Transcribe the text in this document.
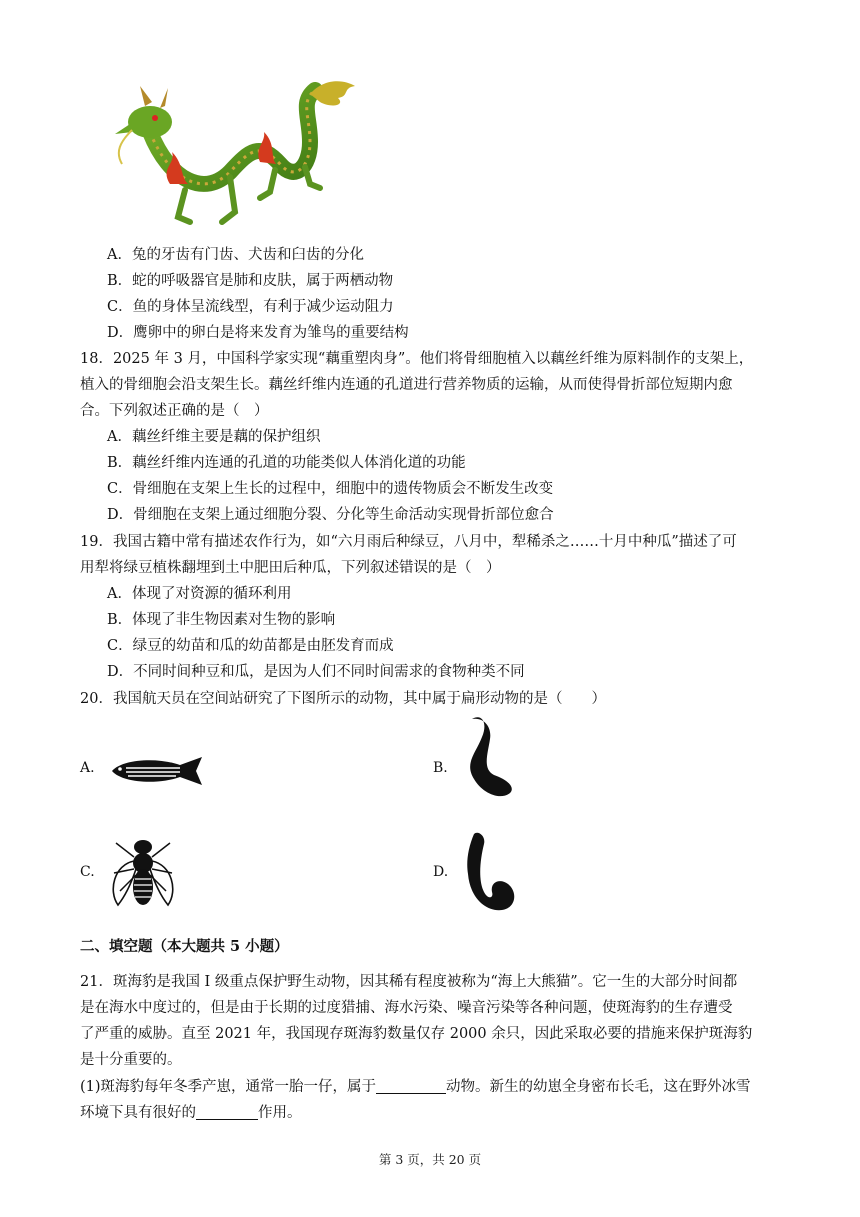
A．兔的牙齿有门齿、犬齿和臼齿的分化
B．蛇的呼吸器官是肺和皮肤，属于两栖动物
C．鱼的身体呈流线型，有利于减少运动阻力
D．鹰卵中的卵白是将来发育为雏鸟的重要结构
18．2025 年 3 月，中国科学家实现“藕重塑肉身”。他们将骨细胞植入以藕丝纤维为原料制作的支架上，
植入的骨细胞会沿支架生长。藕丝纤维内连通的孔道进行营养物质的运输，从而使得骨折部位短期内愈
合。下列叙述正确的是（　）
A．藕丝纤维主要是藕的保护组织
B．藕丝纤维内连通的孔道的功能类似人体消化道的功能
C．骨细胞在支架上生长的过程中，细胞中的遗传物质会不断发生改变
D．骨细胞在支架上通过细胞分裂、分化等生命活动实现骨折部位愈合
19．我国古籍中常有描述农作行为，如“六月雨后种绿豆，八月中，犁稀杀之……十月中种瓜”描述了可
用犁将绿豆植株翻埋到土中肥田后种瓜，下列叙述错误的是（　）
A．体现了对资源的循环利用
B．体现了非生物因素对生物的影响
C．绿豆的幼苗和瓜的幼苗都是由胚发育而成
D．不同时间种豆和瓜，是因为人们不同时间需求的食物种类不同
20．我国航天员在空间站研究了下图所示的动物，其中属于扁形动物的是（　　）
A.	B.
C.	D.
二、填空题（本大题共 5 小题）
21．斑海豹是我国 Ⅰ 级重点保护野生动物，因其稀有程度被称为“海上大熊猫”。它一生的大部分时间都
是在海水中度过的，但是由于长期的过度猎捕、海水污染、噪音污染等各种问题，使斑海豹的生存遭受
了严重的威胁。直至 2021 年，我国现存斑海豹数量仅存 2000 余只，因此采取必要的措施来保护斑海豹
是十分重要的。
(1)斑海豹每年冬季产崽，通常一胎一仔，属于	动物。新生的幼崽全身密布长毛，这在野外冰雪
环境下具有很好的	作用。
第 3 页，共 20 页
